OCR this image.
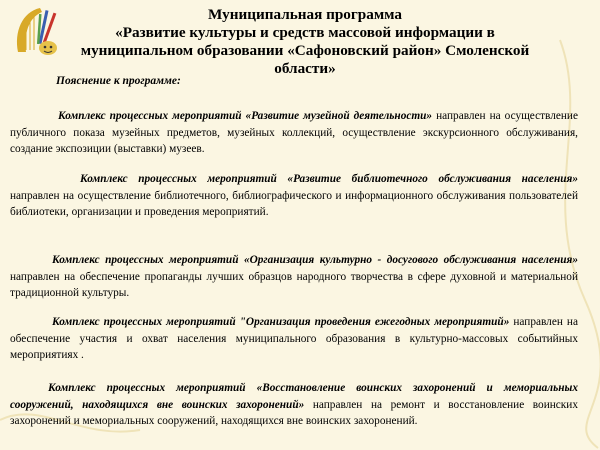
Муниципальная программа
«Развитие культуры и средств массовой информации в
муниципальном образовании «Сафоновский район» Смоленской
области»
Пояснение к программе:
Комплекс процессных мероприятий «Развитие музейной деятельности» направлен на осуществление публичного показа музейных предметов, музейных коллекций, осуществление экскурсионного обслуживания, создание экспозиции (выставки) музеев.
Комплекс процессных мероприятий «Развитие библиотечного обслуживания населения» направлен на осуществление библиотечного, библиографического и информационного обслуживания пользователей библиотеки, организации и проведения мероприятий.
Комплекс процессных мероприятий «Организация культурно - досугового обслуживания населения» направлен на обеспечение пропаганды лучших образцов народного творчества в сфере духовной и материальной традиционной культуры.
Комплекс процессных мероприятий "Организация проведения ежегодных мероприятий» направлен на обеспечение участия и охват населения муниципального образования в культурно-массовых событийных мероприятиях .
Комплекс процессных мероприятий «Восстановление воинских захоронений и мемориальных сооружений, находящихся вне воинских захоронений» направлен на ремонт и восстановление воинских захоронений и мемориальных сооружений, находящихся вне воинских захоронений.
